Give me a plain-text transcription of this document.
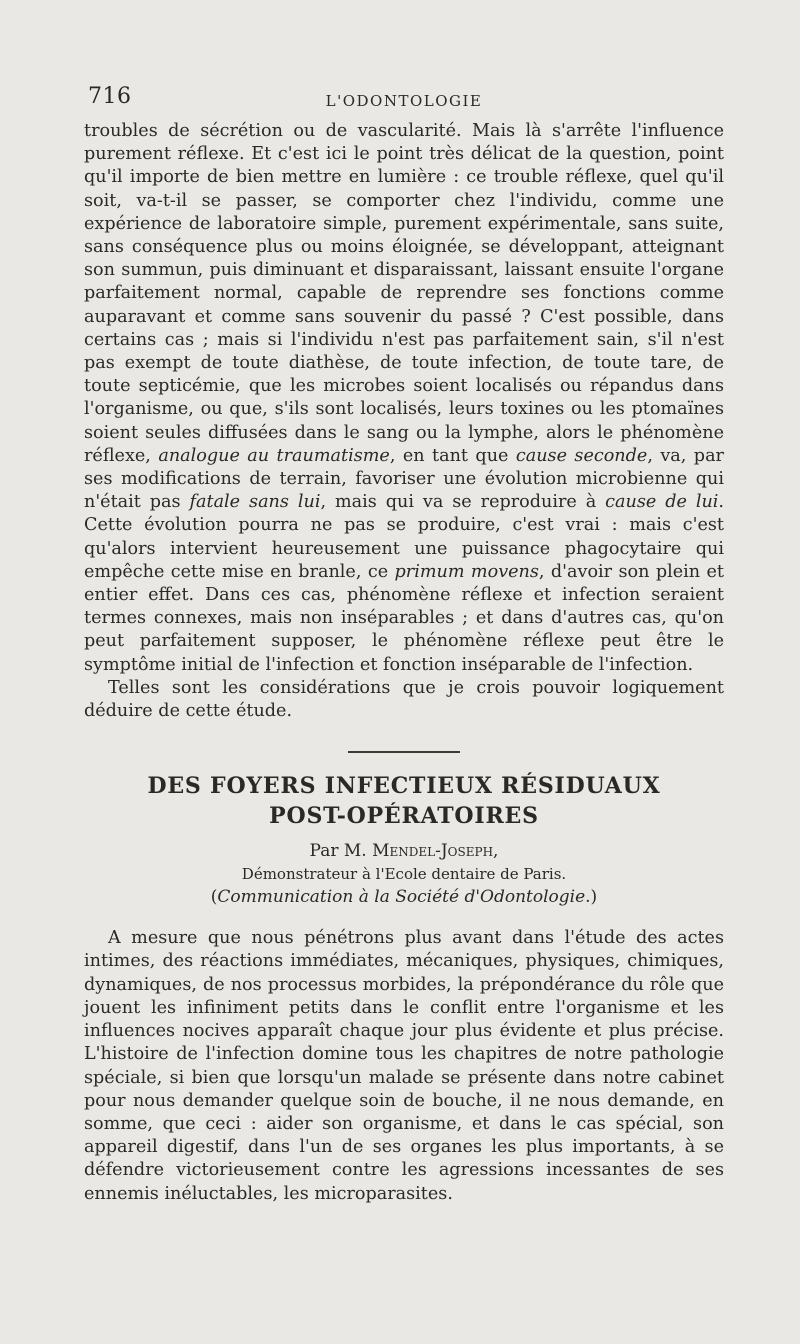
716	L'ODONTOLOGIE

troubles de sécrétion ou de vascularité. Mais là s'arrête l'influence purement réflexe. Et c'est ici le point très délicat de la question, point qu'il importe de bien mettre en lumière : ce trouble réflexe, quel qu'il soit, va-t-il se passer, se comporter chez l'individu, comme une expérience de laboratoire simple, purement expérimentale, sans suite, sans conséquence plus ou moins éloignée, se développant, atteignant son summun, puis diminuant et disparaissant, laissant ensuite l'organe parfaitement normal, capable de reprendre ses fonctions comme auparavant et comme sans souvenir du passé ? C'est possible, dans certains cas ; mais si l'individu n'est pas parfaitement sain, s'il n'est pas exempt de toute diathèse, de toute infection, de toute tare, de toute septicémie, que les microbes soient localisés ou répandus dans l'organisme, ou que, s'ils sont localisés, leurs toxines ou les ptomaïnes soient seules diffusées dans le sang ou la lymphe, alors le phénomène réflexe, analogue au traumatisme, en tant que cause seconde, va, par ses modifications de terrain, favoriser une évolution microbienne qui n'était pas fatale sans lui, mais qui va se reproduire à cause de lui. Cette évolution pourra ne pas se produire, c'est vrai : mais c'est qu'alors intervient heureusement une puissance phagocytaire qui empêche cette mise en branle, ce primum movens, d'avoir son plein et entier effet. Dans ces cas, phénomène réflexe et infection seraient termes connexes, mais non inséparables ; et dans d'autres cas, qu'on peut parfaitement supposer, le phénomène réflexe peut être le symptôme initial de l'infection et fonction inséparable de l'infection.

Telles sont les considérations que je crois pouvoir logiquement déduire de cette étude.

DES FOYERS INFECTIEUX RÉSIDUAUX
POST-OPÉRATOIRES
Par M. Mendel-Joseph,
Démonstrateur à l'Ecole dentaire de Paris.
(Communication à la Société d'Odontologie.)

A mesure que nous pénétrons plus avant dans l'étude des actes intimes, des réactions immédiates, mécaniques, physiques, chimiques, dynamiques, de nos processus morbides, la prépondérance du rôle que jouent les infiniment petits dans le conflit entre l'organisme et les influences nocives apparaît chaque jour plus évidente et plus précise. L'histoire de l'infection domine tous les chapitres de notre pathologie spéciale, si bien que lorsqu'un malade se présente dans notre cabinet pour nous demander quelque soin de bouche, il ne nous demande, en somme, que ceci : aider son organisme, et dans le cas spécial, son appareil digestif, dans l'un de ses organes les plus importants, à se défendre victorieusement contre les agressions incessantes de ses ennemis inéluctables, les microparasites.
